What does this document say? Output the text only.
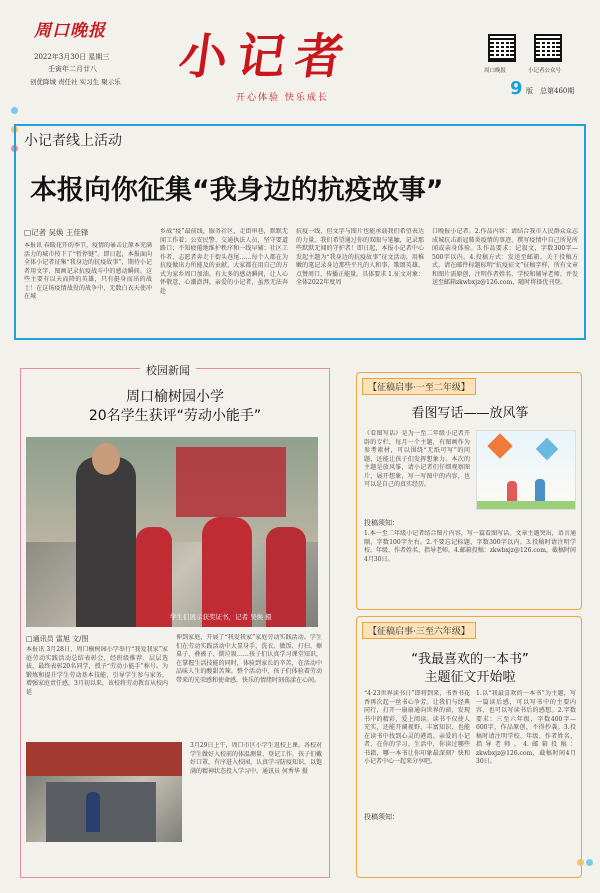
周口晚报
2022年3月30日 星期三
壬寅年二月廿八
创优降城 责任社 实习生 聚示乐 小记者
开心体验 快乐成长
周口晚报	小记者公众号
9 版 总第460期
小记者线上活动
本报向你征集“我身边的抗疫故事”
□记者 吴焕 王佳锋
本报讯 春暖花开的季节，疫情的暴击让原本充满活力的城市按下了“暂停键”。即日起，本报面向全体小记者征集“我身边的抗疫故事”，期待小记者用文字、图画记录抗疫战斗中的感动瞬间。这些主要有以天而降的英雄，只有挺身而出的战士！在这场疫情战役的战争中，无数白衣天使冲在城
乡战“疫”最前线，服务社区，走街串巷，默默无闻工作着；公安民警、交通执法人员，坚守要道路口；不知疲倦地维护秩序和一线早辅；社区工作者、志愿者奔走于街头巷尾……每个人都在为抗疫做出力所能及的贡献。大家都在用自己的方式为家乡周口加油。有太多的感动瞬间，让人心怀敬意、心潮澎湃。亲爱的小记者，虽然无法奔赴
抗疫一线，但文字与图片也能承载我们希望表达的力量。我们希望通过你的双眼与笔触，记录那些默默无闻的守护者！即日起，本报小记者中心发起主题为“我身边的抗疫故事”征文活动，用稚嫩的笔记录身边那些平凡的人和事，歌颂英雄、点赞周口，传播正能量。具体要求 1.征文对象：全体2022年度周
口晚报小记者。2.作品内容：请结合我市人民群众众志成城抗击新冠肺炎疫情的事迹，撰写疫情中自己所见所闻或亲身体验。3.作品要求：记叙文，字数300字—500字以内。4.投稿方式：发送至邮箱。关于投稿方式，请在邮件标题标明“抗疫征文”征稿字样，所有文章和图片需原创，注明作者姓名、学校和辅导老师，并发送至邮箱zkwbxjz@126.com，随时将择优刊登。
校园新闻
周口榆树园小学
20名学生获评“劳动小能手”
学生们展示获奖证书，记者 吴焕 摄
□通讯员 雷旭 文/图
本报讯 3月28日，周口榆树园小学举行“我爱我家”家庭劳动实践活动总结表彰会，经班级推荐、层层选拔，最终表彰20名同学，授予“劳动小能手”称号。为锻炼和提升学生劳动基本技能，引导学生参与家务，增强家庭责任感，3月初以来，该校将劳动教育从校内延
伸到家庭，开展了“我爱我家”家庭劳动实践活动。学生们在劳动实践活动中大显身手，洗衣、做饭、打扫、擦桌子、叠被子、倒垃圾……孩子们认真学习课堂知识，在掌握生活技能的同时，体验到家长的辛苦，在活动中品味人生的酸甜苦辣。整个活动中，孩子们体验着劳动带来的光荣感和使命感，快乐的情绪时刻荡漾在心间。
3月29日上午，周口市区小学生返校上课。各校对学生做好入校前的体温测量、登记工作，孩子们戴好口罩，有序进入校园，认真学习防疫知识，以饱满的精神状态投入学习中。通讯员 何秀华 摄
【征稿启事·一至二年级】
看图写话——放风筝
《看图写话》是为一至二年级小记者开辟的专栏，每月一个主题，有图画作为参考素材，可以围绕“无纸可写”的问题，还能让孩子们发挥想象力。本次的主题是放风筝，请小记者们仔细观察图片，展开想象，写一写图中的内容，也可以是自己的真实经历。
投稿须知：
1.本一至二年级小记者结合图片内容，写一篇看图写话。文章主题突出，语言通顺，字数100字左右。2.不要忘记标题，字数300字以内。3.投稿时请注明学校、年级、作者姓名、指导老师。4.邮箱投稿：zkwbxjz@126.com，截稿时间4月30日。
【征稿启事·三至六年级】
“我最喜欢的一本书”
主题征文开始啦
“4·23世界读书日”即将到来，书香书花香再次起一丝书心争芳。让我们与经典同行，打开一扇扇通向世界的窗，发现书中的精彩，爱上阅读。读书不仅使人充实，还能开阔视野，丰富知识，也能在读书中找到心灵的港湾。亲爱的小记者，在你的学习、生活中，你读过哪些书籍，哪一本书让你印象最深刻？快和小记者中心一起来分享吧。
投稿须知：
1.以“我最喜欢的一本书”为主题，写一篇读后感，可以写书中的主要内容，也可以写读书后的感想。2.字数要求：三至六年级，字数400字—600字，作品原创，不得抄袭。3.投稿时请注明学校、年级、作者姓名、指导老师。4.邮箱投稿：zkwbxjz@126.com，截稿时间4月30日。
